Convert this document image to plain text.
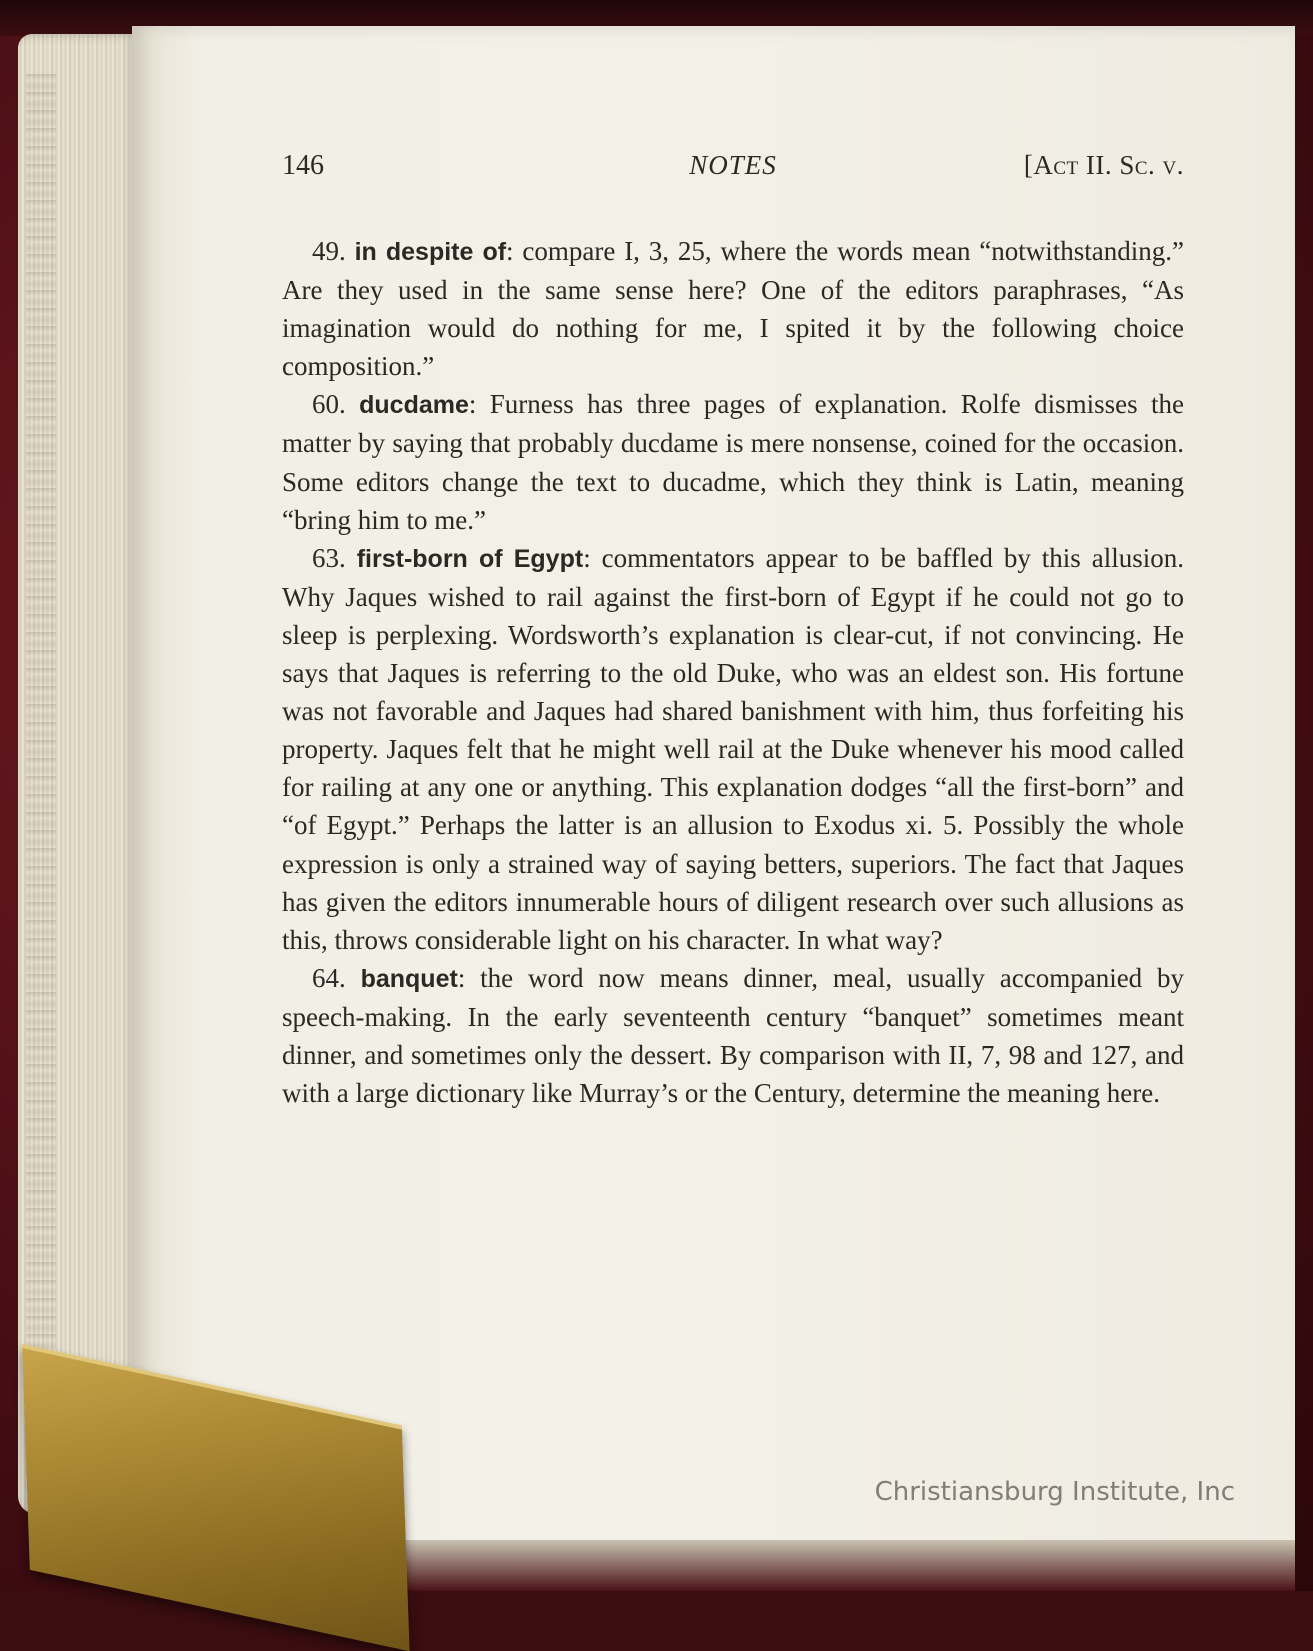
146	NOTES	[Act II. Sc. v.

49. in despite of: compare I, 3, 25, where the words mean “notwithstanding.” Are they used in the same sense here? One of the editors paraphrases, “As imagination would do nothing for me, I spited it by the following choice composition.”

60. ducdame: Furness has three pages of explanation. Rolfe dismisses the matter by saying that probably ducdame is mere nonsense, coined for the occasion. Some editors change the text to ducadme, which they think is Latin, meaning “bring him to me.”

63. first-born of Egypt: commentators appear to be baffled by this allusion. Why Jaques wished to rail against the first-born of Egypt if he could not go to sleep is perplexing. Wordsworth’s explanation is clear-cut, if not convincing. He says that Jaques is referring to the old Duke, who was an eldest son. His fortune was not favorable and Jaques had shared banishment with him, thus forfeiting his property. Jaques felt that he might well rail at the Duke whenever his mood called for railing at any one or anything. This explanation dodges “all the first-born” and “of Egypt.” Perhaps the latter is an allusion to Exodus xi. 5. Possibly the whole expression is only a strained way of saying betters, superiors. The fact that Jaques has given the editors innumerable hours of diligent research over such allusions as this, throws considerable light on his character. In what way?

64. banquet: the word now means dinner, meal, usually accompanied by speech-making. In the early seventeenth century “banquet” sometimes meant dinner, and sometimes only the dessert. By comparison with II, 7, 98 and 127, and with a large dictionary like Murray’s or the Century, determine the meaning here.

Christiansburg Institute, Inc
